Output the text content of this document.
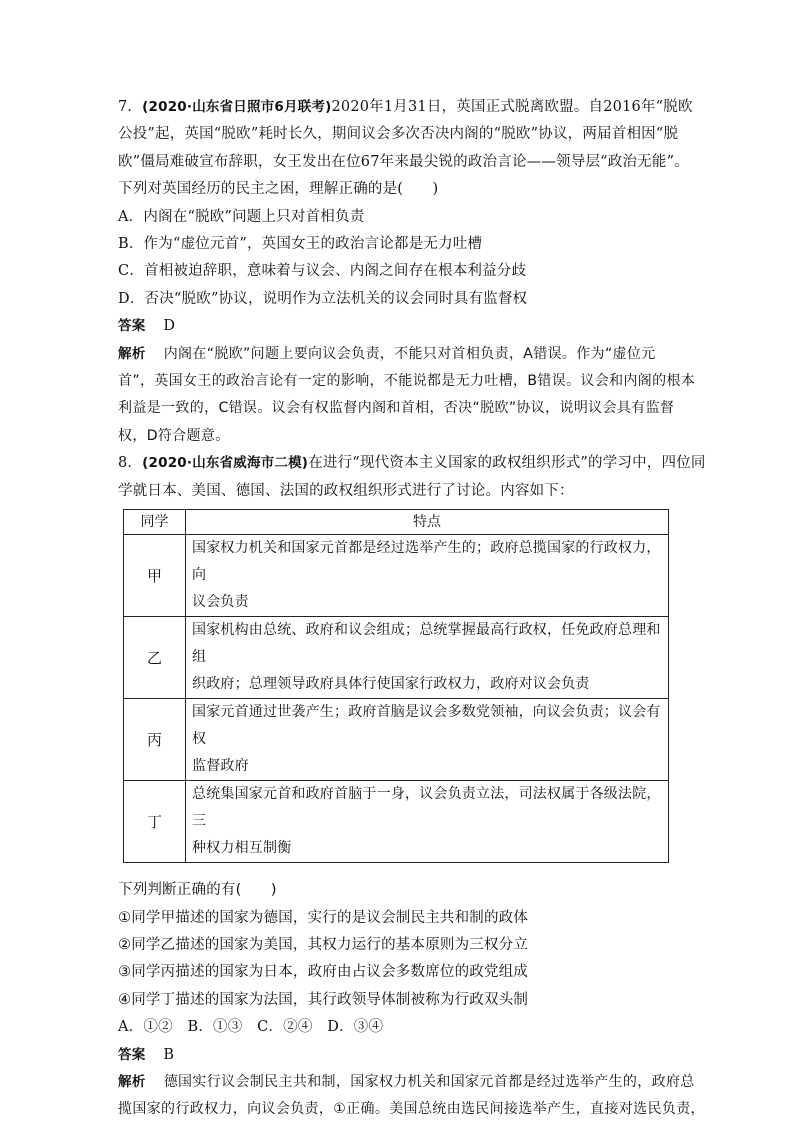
7．(2020·山东省日照市6月联考)2020年1月31日，英国正式脱离欧盟。自2016年“脱欧
公投”起，英国“脱欧”耗时长久，期间议会多次否决内阁的“脱欧”协议，两届首相因“脱
欧”僵局难破宣布辞职，女王发出在位67年来最尖锐的政治言论——领导层“政治无能”。
下列对英国经历的民主之困，理解正确的是(　　)
A．内阁在“脱欧”问题上只对首相负责
B．作为“虚位元首”，英国女王的政治言论都是无力吐槽
C．首相被迫辞职，意味着与议会、内阁之间存在根本利益分歧
D．否决“脱欧”协议，说明作为立法机关的议会同时具有监督权
答案 D
解析 内阁在“脱欧”问题上要向议会负责，不能只对首相负责，A错误。作为“虚位元
首”，英国女王的政治言论有一定的影响，不能说都是无力吐槽，B错误。议会和内阁的根本
利益是一致的，C错误。议会有权监督内阁和首相，否决“脱欧”协议，说明议会具有监督
权，D符合题意。
8．(2020·山东省威海市二模)在进行“现代资本主义国家的政权组织形式”的学习中，四位同
学就日本、美国、德国、法国的政权组织形式进行了讨论。内容如下：
同学	特点
甲	国家权力机关和国家元首都是经过选举产生的；政府总揽国家的行政权力，向
议会负责

乙	国家机构由总统、政府和议会组成；总统掌握最高行政权，任免政府总理和组
织政府；总理领导政府具体行使国家行政权力，政府对议会负责

丙	国家元首通过世袭产生；政府首脑是议会多数党领袖，向议会负责；议会有权
监督政府

丁	总统集国家元首和政府首脑于一身，议会负责立法，司法权属于各级法院，三
种权力相互制衡
下列判断正确的有(　　)
①同学甲描述的国家为德国，实行的是议会制民主共和制的政体
②同学乙描述的国家为美国，其权力运行的基本原则为三权分立
③同学丙描述的国家为日本，政府由占议会多数席位的政党组成
④同学丁描述的国家为法国，其行政领导体制被称为行政双头制
A．①②　B．①③　C．②④　D．③④
答案 B
解析 德国实行议会制民主共和制，国家权力机关和国家元首都是经过选举产生的，政府总
揽国家的行政权力，向议会负责，①正确。美国总统由选民间接选举产生，直接对选民负责，
